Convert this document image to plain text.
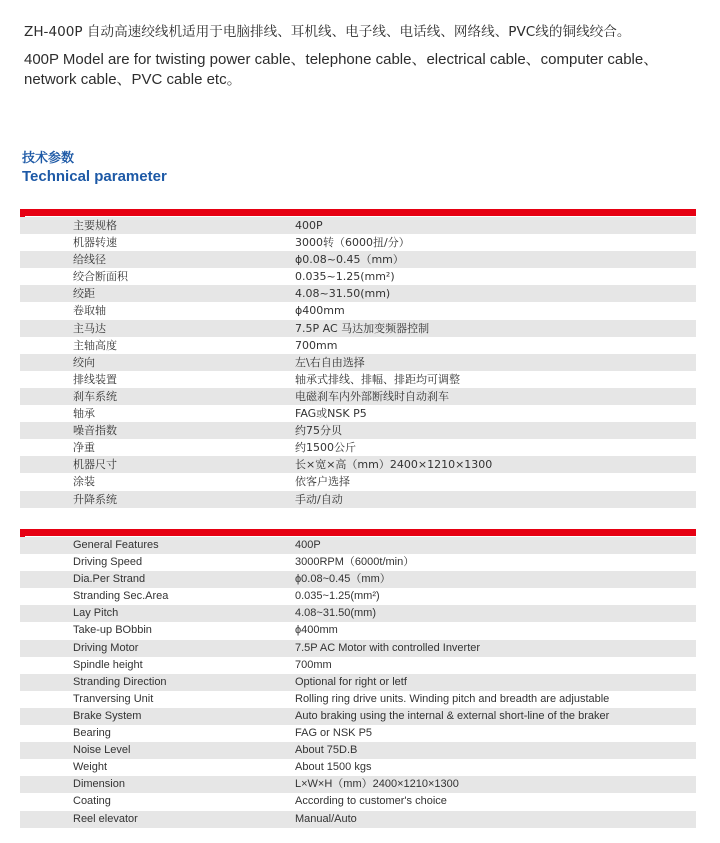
ZH-400P 自动高速绞线机适用于电脑排线、耳机线、电子线、电话线、网络线、PVC线的铜线绞合。
400P Model are for twisting power cable、telephone cable、electrical cable、computer cable、
network cable、PVC cable etc。
技术参数
Technical parameter
主要规格	400P
机器转速	3000转（6000扭/分）
给线径	ϕ0.08~0.45（mm）
绞合断面积	0.035~1.25(mm²)
绞距	4.08~31.50(mm)
卷取轴	ϕ400mm
主马达	7.5P AC 马达加变频器控制
主轴高度	700mm
绞向	左\右自由选择
排线装置	轴承式排线、排幅、排距均可调整
刹车系统	电磁刹车内外部断线时自动刹车
轴承	FAG或NSK P5
噪音指数	约75分贝
净重	约1500公斤
机器尺寸	长×宽×高（mm）2400×1210×1300
涂装	依客户选择
升降系统	手动/自动
General Features	400P
Driving Speed	3000RPM（6000t/min）
Dia.Per Strand	ϕ0.08~0.45（mm）
Stranding Sec.Area	0.035~1.25(mm²)
Lay Pitch	4.08~31.50(mm)
Take-up BObbin	ϕ400mm
Driving Motor	7.5P AC Motor with controlled Inverter
Spindle height	700mm
Stranding Direction	Optional for right or letf
Tranversing Unit	Rolling ring drive units. Winding pitch and breadth are adjustable
Brake System	Auto braking using the internal & external short-line of the braker
Bearing	FAG or NSK P5
Noise Level	About 75D.B
Weight	About 1500 kgs
Dimension	L×W×H（mm）2400×1210×1300
Coating	According to customer's choice
Reel elevator	Manual/Auto
